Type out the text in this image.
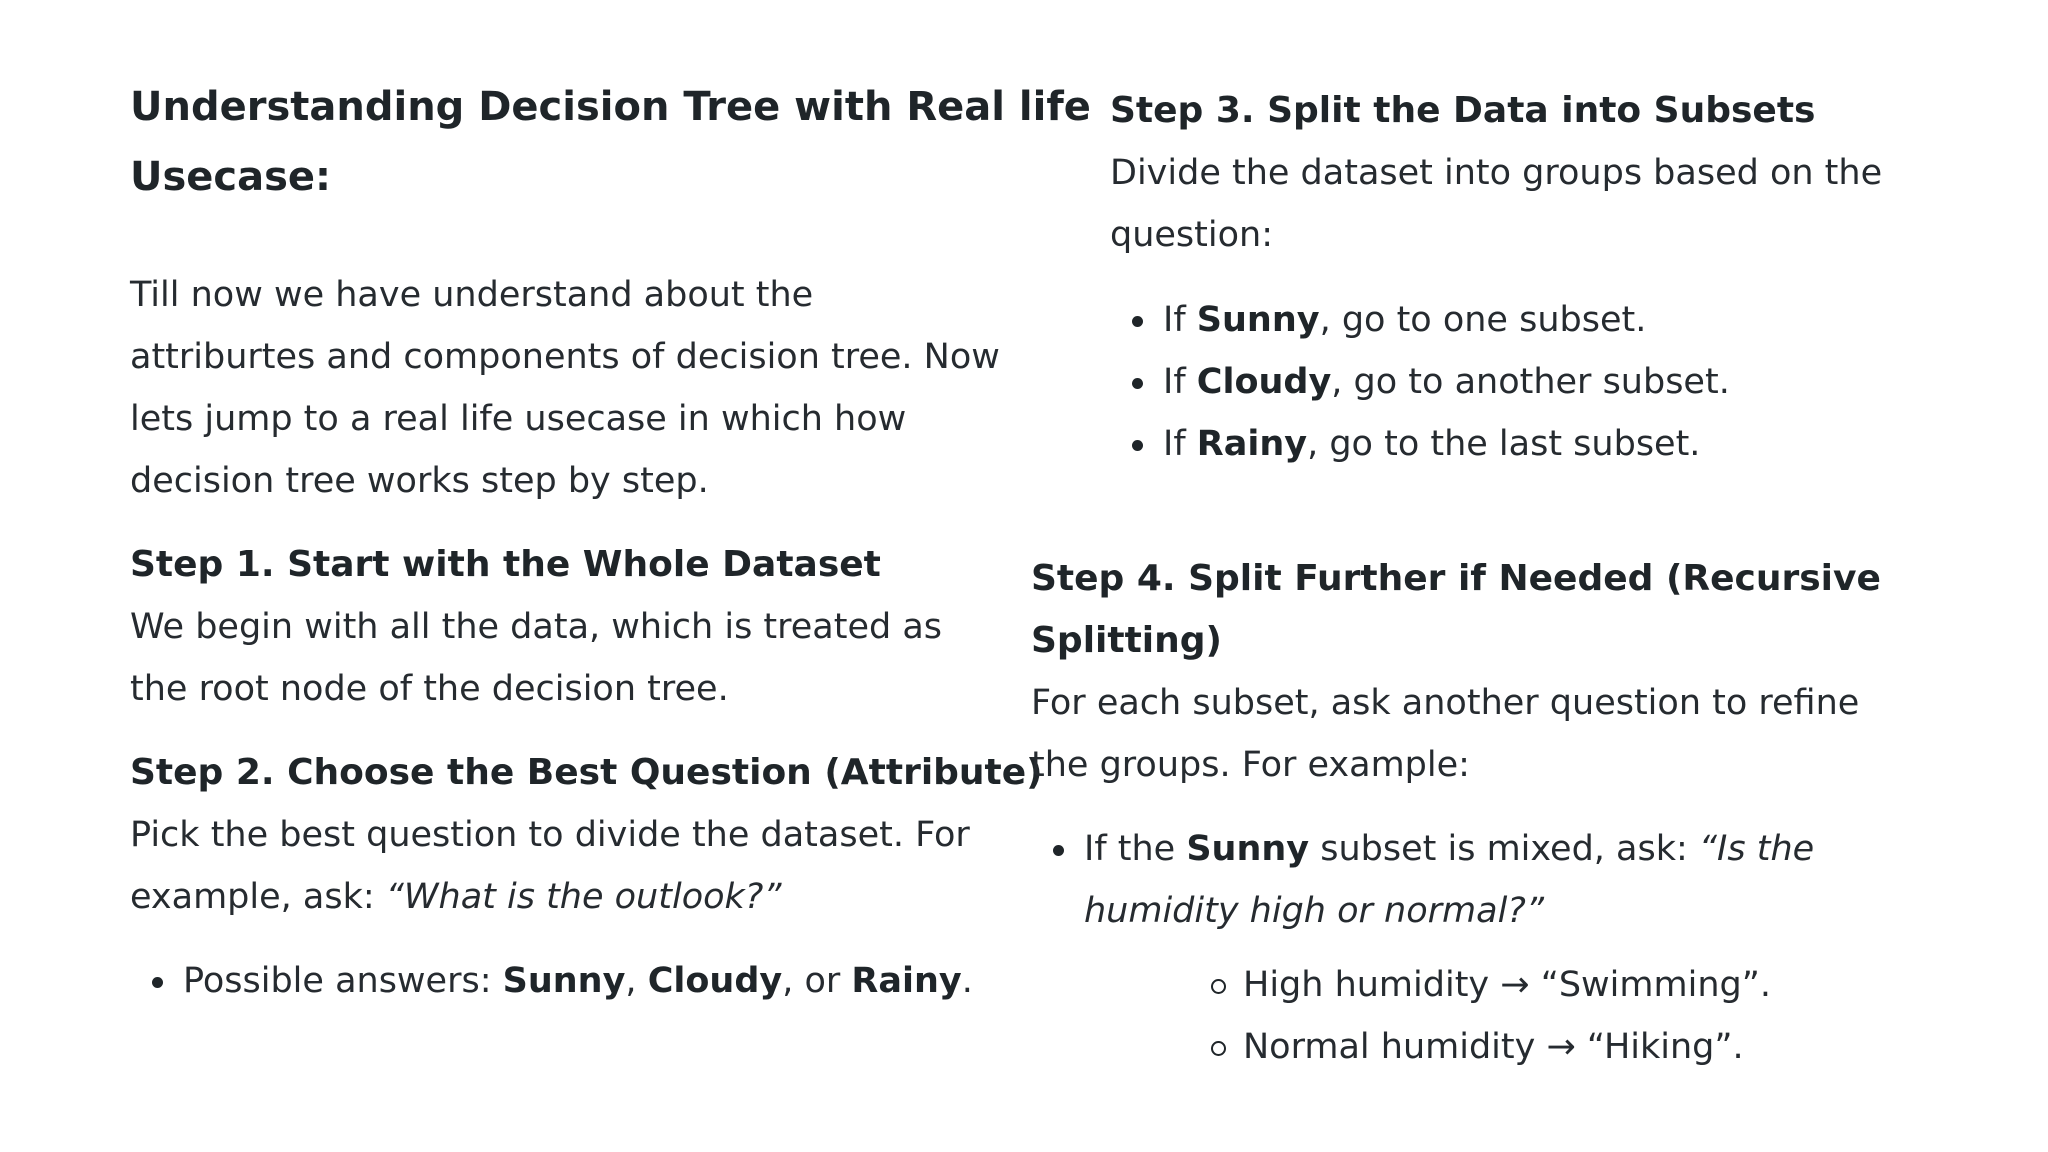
Understanding Decision Tree with Real life
Usecase:

Till now we have understand about the

attriburtes and components of decision tree. Now

lets jump to a real life usecase in which how

decision tree works step by step.

Step 1. Start with the Whole Dataset

We begin with all the data, which is treated as

the root node of the decision tree.

Step 2. Choose the Best Question (Attribute)

Pick the best question to divide the dataset. For

example, ask: “What is the outlook?”

Possible answers: Sunny, Cloudy, or Rainy.
Step 3. Split the Data into Subsets

Divide the dataset into groups based on the

question:

If Sunny, go to one subset.
If Cloudy, go to another subset.
If Rainy, go to the last subset.
Step 4. Split Further if Needed (Recursive
Splitting)

For each subset, ask another question to refine

the groups. For example:

If the Sunny subset is mixed, ask: “Is the
humidity high or normal?”
High humidity → “Swimming”.
Normal humidity → “Hiking”.
